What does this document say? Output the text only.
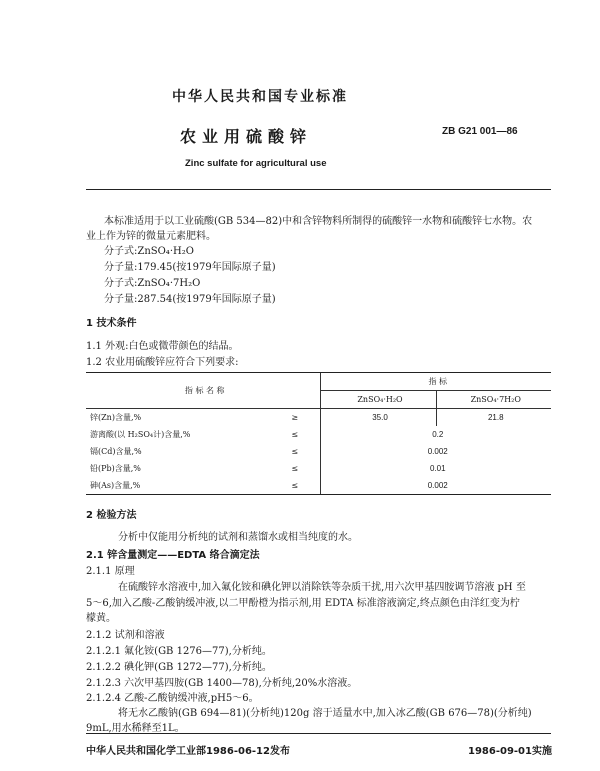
中华人民共和国专业标准
农业用硫酸锌	ZB G21 001—86
Zinc sulfate for agricultural use
本标准适用于以工业硫酸(GB 534—82)中和含锌物料所制得的硫酸锌一水物和硫酸锌七水物。农
业上作为锌的微量元素肥料。
分子式:ZnSO₄·H₂O
分子量:179.45(按1979年国际原子量)
分子式:ZnSO₄·7H₂O
分子量:287.54(按1979年国际原子量)
1 技术条件
1.1 外观:白色或微带颜色的结晶。
1.2 农业用硫酸锌应符合下列要求:
指 标 名 称		指 标	
		ZnSO₄·H₂O	ZnSO₄·7H₂O
锌(Zn)含量,%	≥	35.0	21.8
游离酸(以 H₂SO₄计)含量,%	≤	0.2	
镉(Cd)含量,%	≤	0.002	
铅(Pb)含量,%	≤	0.01	
砷(As)含量,%	≤	0.002	
2 检验方法
分析中仅能用分析纯的试剂和蒸馏水或相当纯度的水。
2.1 锌含量测定——EDTA 络合滴定法
2.1.1 原理
在硫酸锌水溶液中,加入氟化铵和碘化钾以消除铁等杂质干扰,用六次甲基四胺调节溶液 pH 至
5～6,加入乙酸-乙酸钠缓冲液,以二甲酚橙为指示剂,用 EDTA 标准溶液滴定,终点颜色由洋红变为柠
檬黄。
2.1.2 试剂和溶液
2.1.2.1 氟化铵(GB 1276—77),分析纯。
2.1.2.2 碘化钾(GB 1272—77),分析纯。
2.1.2.3 六次甲基四胺(GB 1400—78),分析纯,20%水溶液。
2.1.2.4 乙酸-乙酸钠缓冲液,pH5～6。
将无水乙酸钠(GB 694—81)(分析纯)120g 溶于适量水中,加入冰乙酸(GB 676—78)(分析纯)
9mL,用水稀释至1L。
中华人民共和国化学工业部1986-06-12发布	1986-09-01实施
